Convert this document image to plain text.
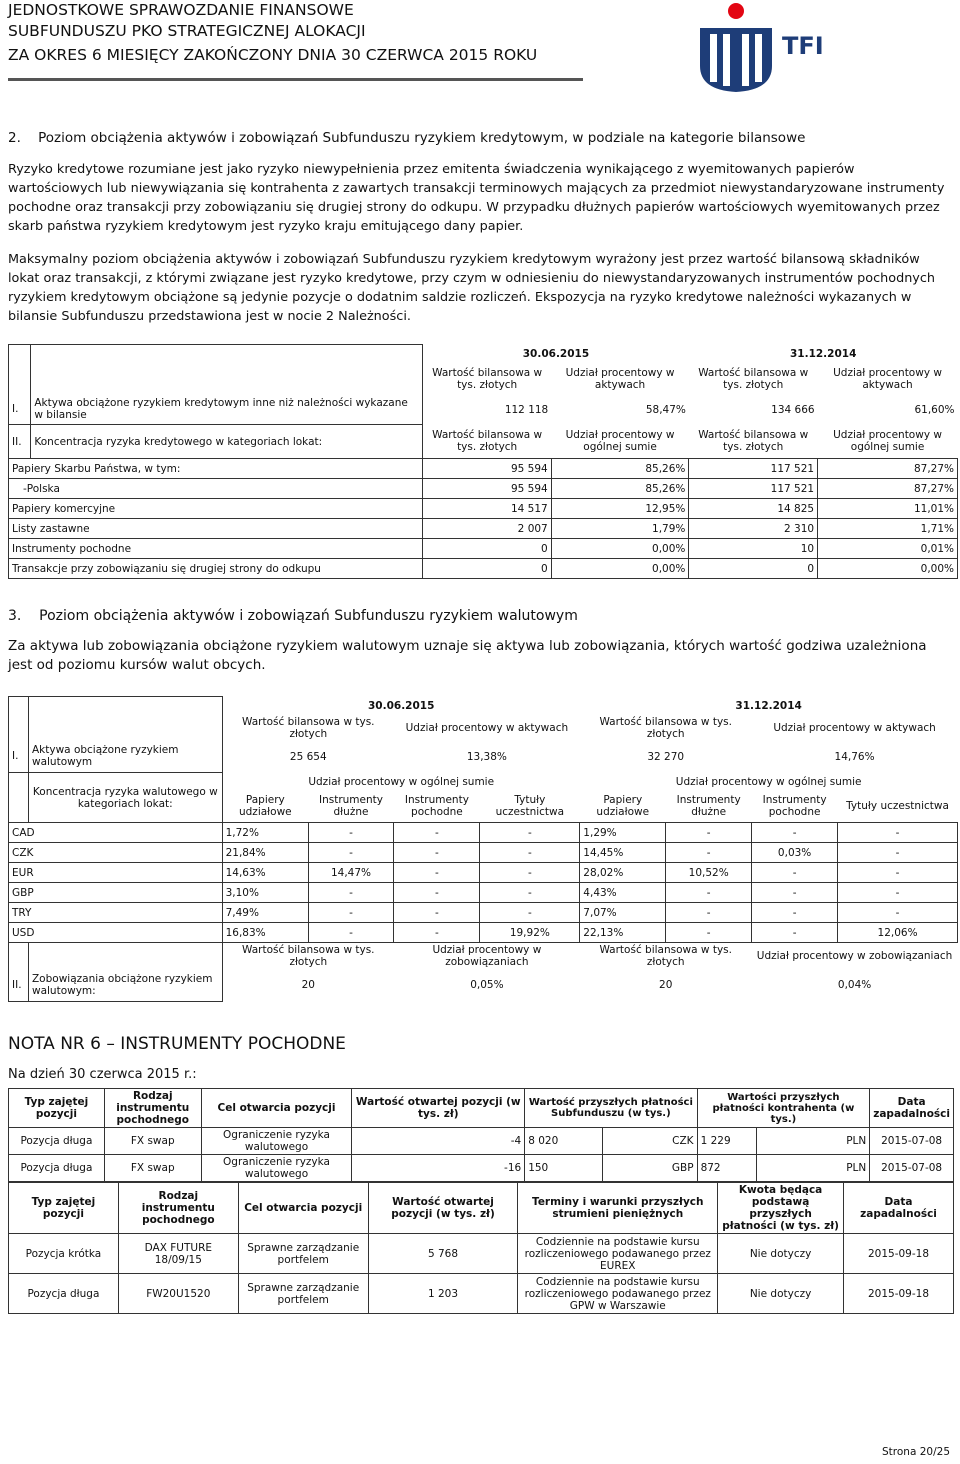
JEDNOSTKOWE SPRAWOZDANIE FINANSOWE
SUBFUNDUSZU PKO STRATEGICZNEJ ALOKACJI
ZA OKRES 6 MIESIĘCY ZAKOŃCZONY DNIA 30 CZERWCA 2015 ROKU	TFI
2. Poziom obciążenia aktywów i zobowiązań Subfunduszu ryzykiem kredytowym, w podziale na kategorie bilansowe

Ryzyko kredytowe rozumiane jest jako ryzyko niewypełnienia przez emitenta świadczenia wynikającego z wyemitowanych papierów wartościowych lub niewywiązania się kontrahenta z zawartych transakcji terminowych mających za przedmiot niewystandaryzowane instrumenty pochodne oraz transakcji przy zobowiązaniu się drugiej strony do odkupu. W przypadku dłużnych papierów wartościowych wyemitowanych przez skarb państwa ryzykiem kredytowym jest ryzyko kraju emitującego dany papier.

Maksymalny poziom obciążenia aktywów i zobowiązań Subfunduszu ryzykiem kredytowym wyrażony jest przez wartość bilansową składników lokat oraz transakcji, z którymi związane jest ryzyko kredytowe, przy czym w odniesieniu do niewystandaryzowanych instrumentów pochodnych ryzykiem kredytowym obciążone są jedynie pozycje o dodatnim saldzie rozliczeń. Ekspozycja na ryzyko kredytowe należności wykazanych w bilansie Subfunduszu przedstawiona jest w nocie 2 Należności.

		30.06.2015		31.12.2014	
		Wartość bilansowa w tys. złotych	Udział procentowy w aktywach	Wartość bilansowa w tys. złotych	Udział procentowy w aktywach
I.	Aktywa obciążone ryzykiem kredytowym inne niż należności wykazane w bilansie	112 118	58,47%	134 666	61,60%
II.	Koncentracja ryzyka kredytowego w kategoriach lokat:	Wartość bilansowa w tys. złotych	Udział procentowy w ogólnej sumie	Wartość bilansowa w tys. złotych	Udział procentowy w ogólnej sumie
Papiery Skarbu Państwa, w tym:		95 594	85,26%	117 521	87,27%
-Polska		95 594	85,26%	117 521	87,27%
Papiery komercyjne		14 517	12,95%	14 825	11,01%
Listy zastawne		2 007	1,79%	2 310	1,71%
Instrumenty pochodne		0	0,00%	10	0,01%
Transakcje przy zobowiązaniu się drugiej strony do odkupu		0	0,00%	0	0,00%
3. Poziom obciążenia aktywów i zobowiązań Subfunduszu ryzykiem walutowym

Za aktywa lub zobowiązania obciążone ryzykiem walutowym uznaje się aktywa lub zobowiązania, których wartość godziwa uzależniona jest od poziomu kursów walut obcych.

		30.06.2015				31.12.2014			
		Wartość bilansowa w tys. złotych		Udział procentowy w aktywach		Wartość bilansowa w tys. złotych		Udział procentowy w aktywach	
I.	Aktywa obciążone ryzykiem walutowym	25 654		13,38%		32 270		14,76%	
	Koncentracja ryzyka walutowego w kategoriach lokat:	Udział procentowy w ogólnej sumie				Udział procentowy w ogólnej sumie			
		Papiery udziałowe	Instrumenty dłużne	Instrumenty pochodne	Tytuły uczestnictwa	Papiery udziałowe	Instrumenty dłużne	Instrumenty pochodne	Tytuły uczestnictwa
CAD		1,72%	-	-	-	1,29%	-	-	-
CZK		21,84%	-	-	-	14,45%	-	0,03%	-
EUR		14,63%	14,47%	-	-	28,02%	10,52%	-	-
GBP		3,10%	-	-	-	4,43%	-	-	-
TRY		7,49%	-	-	-	7,07%	-	-	-
USD		16,83%	-	-	19,92%	22,13%	-	-	12,06%
		Wartość bilansowa w tys. złotych		Udział procentowy w zobowiązaniach		Wartość bilansowa w tys. złotych		Udział procentowy w zobowiązaniach	
II.	Zobowiązania obciążone ryzykiem walutowym:	20		0,05%		20		0,04%	
NOTA NR 6 – INSTRUMENTY POCHODNE
Na dzień 30 czerwca 2015 r.:
Typ zajętej pozycji	Rodzaj instrumentu pochodnego	Cel otwarcia pozycji	Wartość otwartej pozycji (w tys. zł)	Wartość przyszłych płatności Subfunduszu (w tys.)		Wartości przyszłych płatności kontrahenta (w tys.)		Data zapadalności
Pozycja długa	FX swap	Ograniczenie ryzyka walutowego	-4	8 020	CZK	1 229	PLN	2015-07-08
Pozycja długa	FX swap	Ograniczenie ryzyka walutowego	-16	150	GBP	872	PLN	2015-07-08
Typ zajętej pozycji	Rodzaj instrumentu pochodnego	Cel otwarcia pozycji	Wartość otwartej pozycji (w tys. zł)	Terminy i warunki przyszłych strumieni pieniężnych	Kwota będąca podstawą przyszłych płatności (w tys. zł)	Data zapadalności
Pozycja krótka	DAX FUTURE 18/09/15	Sprawne zarządzanie portfelem	5 768	Codziennie na podstawie kursu rozliczeniowego podawanego przez EUREX	Nie dotyczy	2015-09-18
Pozycja długa	FW20U1520	Sprawne zarządzanie portfelem	1 203	Codziennie na podstawie kursu rozliczeniowego podawanego przez GPW w Warszawie	Nie dotyczy	2015-09-18
Strona 20/25
